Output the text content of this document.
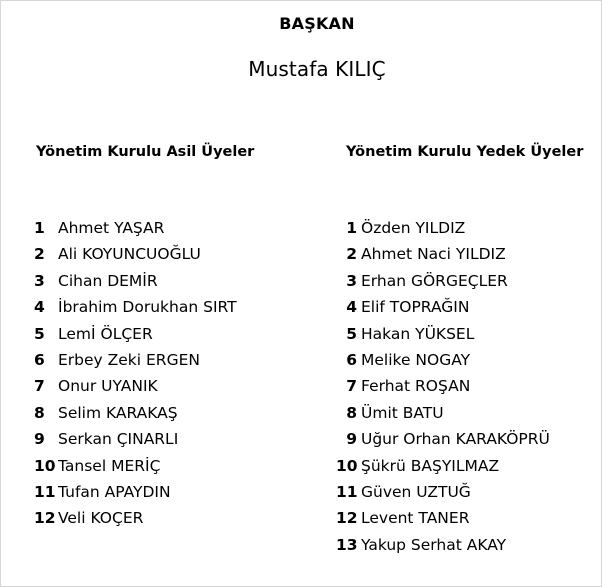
BAŞKAN
Mustafa KILIÇ
Yönetim Kurulu Asil Üyeler	Yönetim Kurulu Yedek Üyeler
1 Ahmet YAŞAR
2 Ali KOYUNCUOĞLU
3 Cihan DEMİR
4 İbrahim Dorukhan SIRT
5 Lemİ ÖLÇER
6 Erbey Zeki ERGEN
7 Onur UYANIK
8 Selim KARAKAŞ
9 Serkan ÇINARLI
10 Tansel MERİÇ
11 Tufan APAYDIN
12 Veli KOÇER
1 Özden YILDIZ
2 Ahmet Naci YILDIZ
3 Erhan GÖRGEÇLER
4 Elif TOPRAĞIN
5 Hakan YÜKSEL
6 Melike NOGAY
7 Ferhat ROŞAN
8 Ümit BATU
9 Uğur Orhan KARAKÖPRÜ
10 Şükrü BAŞYILMAZ
11 Güven UZTUĞ
12 Levent TANER
13 Yakup Serhat AKAY
